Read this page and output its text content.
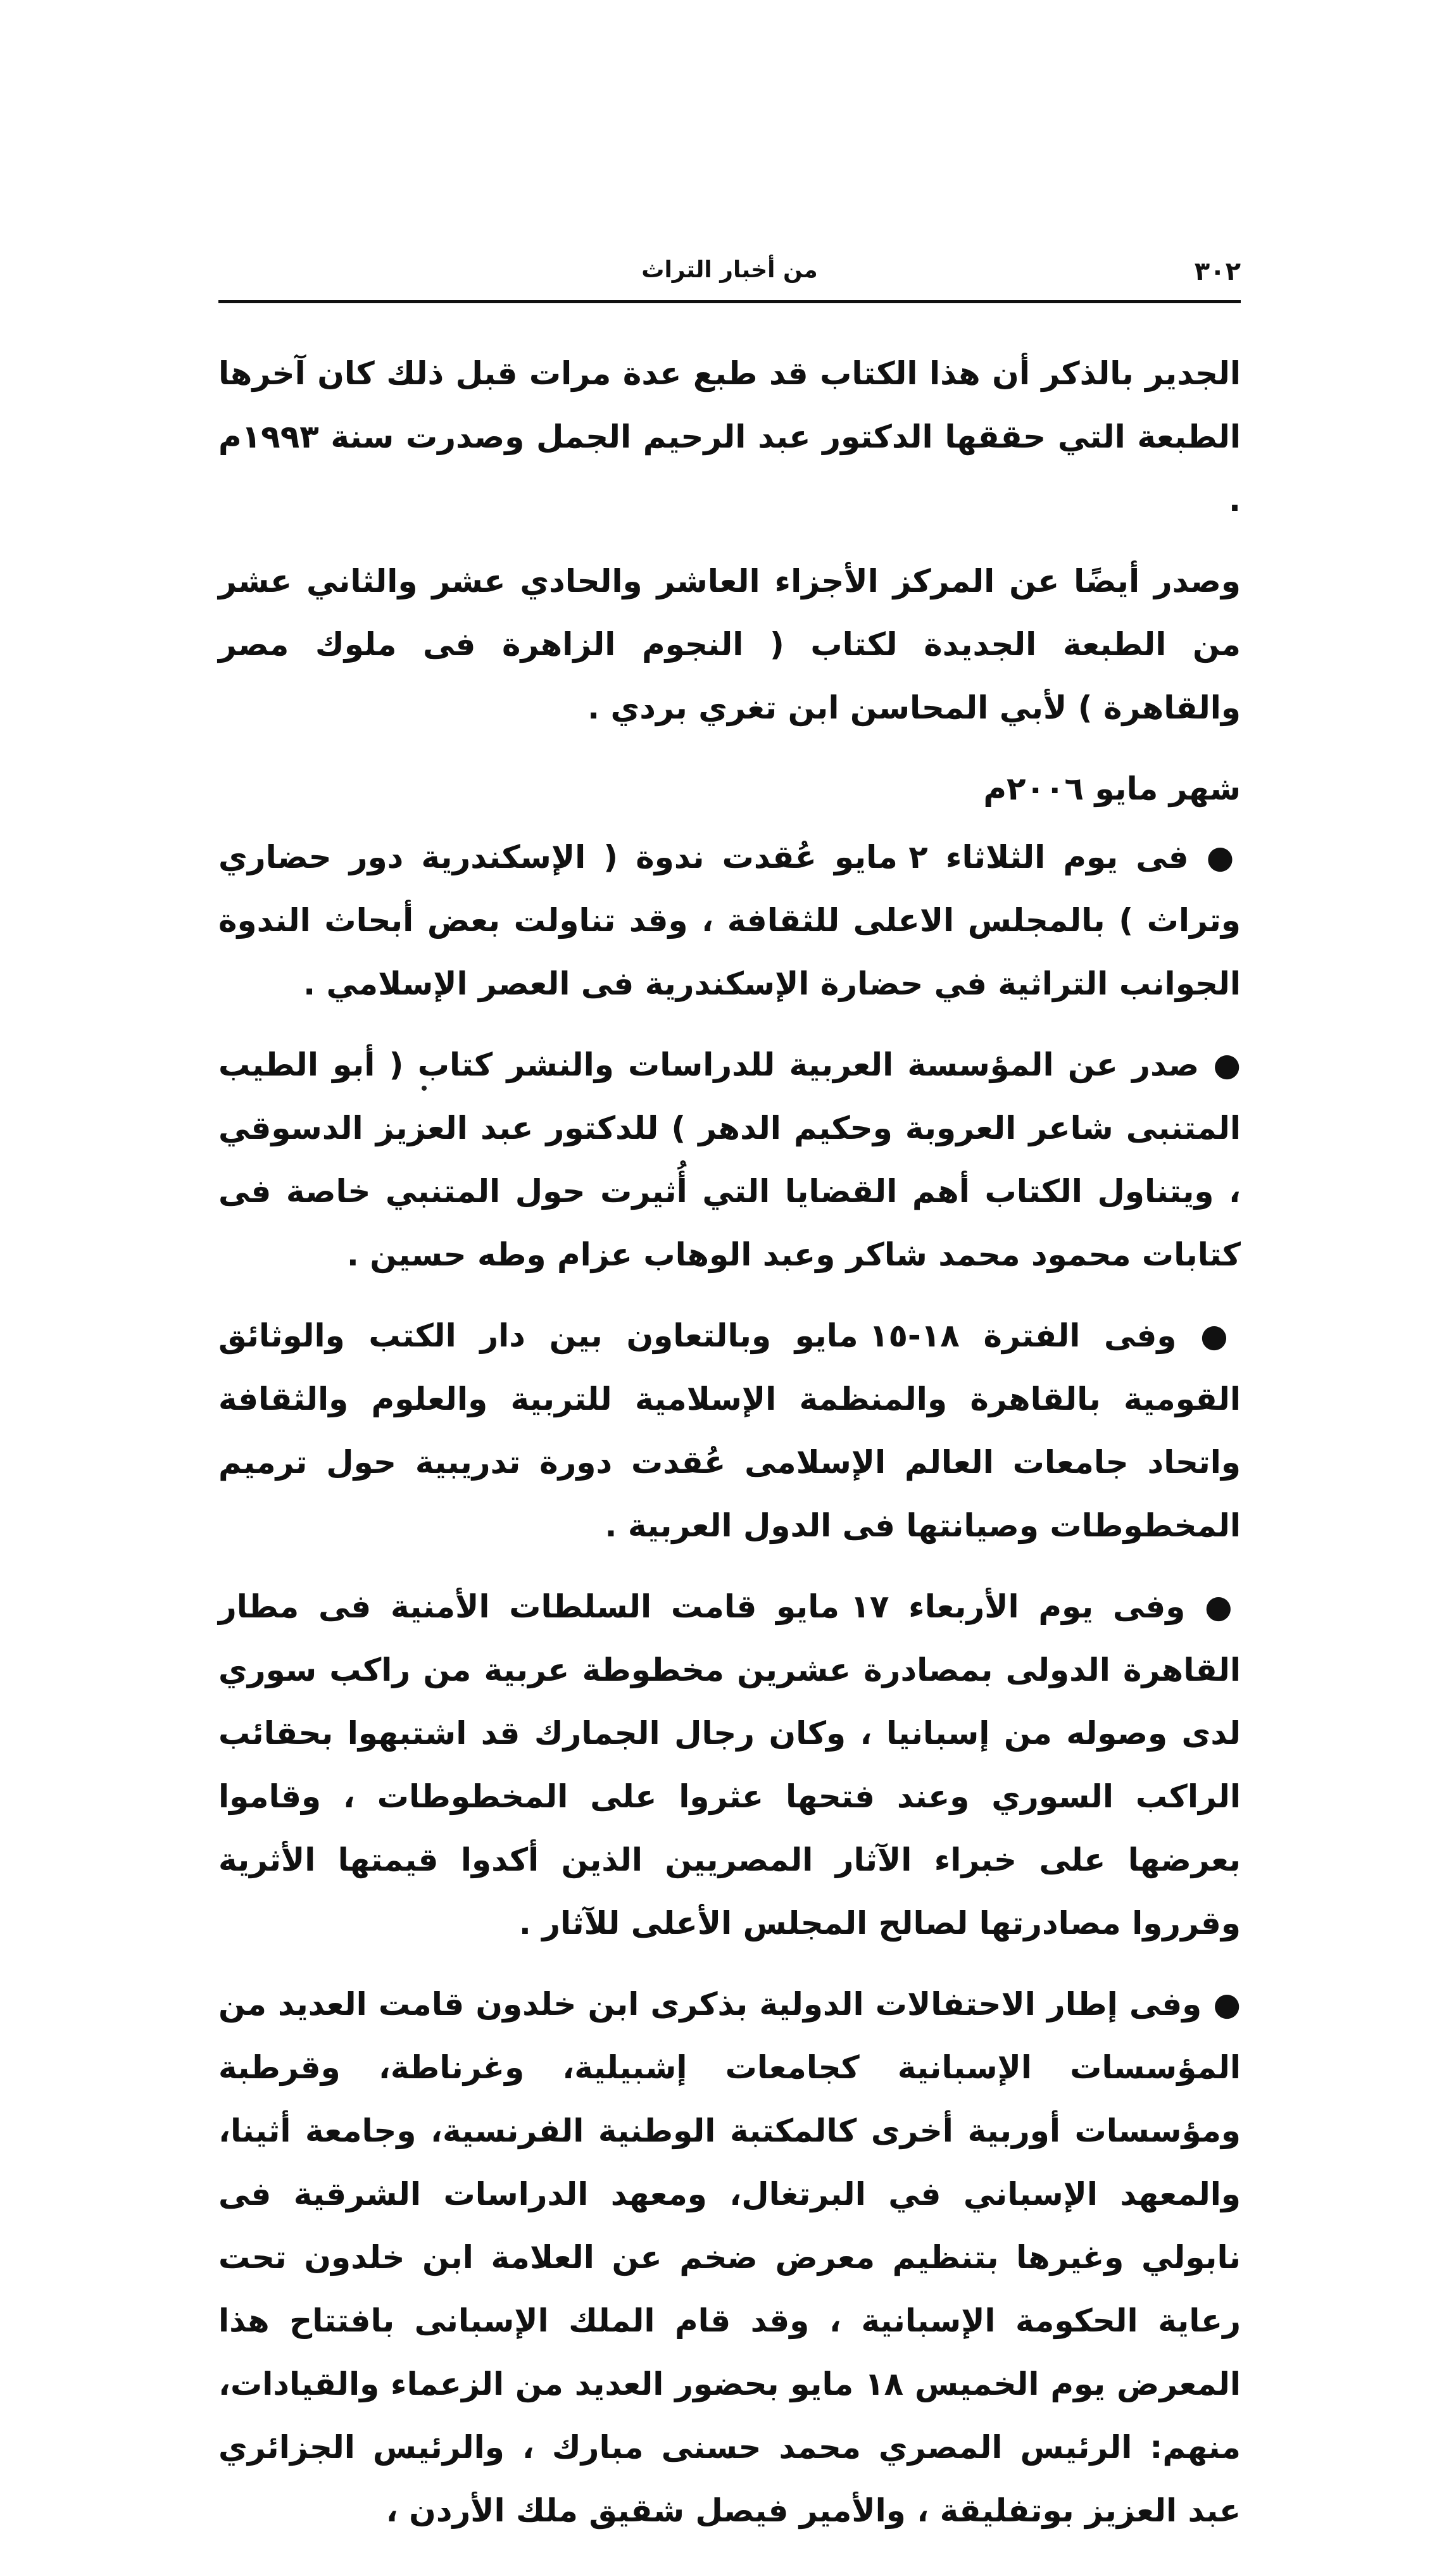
٣٠٢
من أخبار التراث

الجدير بالذكر أن هذا الكتاب قد طبع عدة مرات قبل ذلك كان آخرها الطبعة التي حققها الدكتور عبد الرحيم الجمل وصدرت سنة ١٩٩٣م .

وصدر أيضًا عن المركز الأجزاء العاشر والحادي عشر والثاني عشر من الطبعة الجديدة لكتاب ( النجوم الزاهرة فى ملوك مصر والقاهرة ) لأبي المحاسن ابن تغري بردي .

شهر مايو ٢٠٠٦م

● فى يوم الثلاثاء ٢ مايو عُقدت ندوة ( الإسكندرية دور حضاري وتراث ) بالمجلس الاعلى للثقافة ، وقد تناولت بعض أبحاث الندوة الجوانب التراثية في حضارة الإسكندرية فى العصر الإسلامي .

● صدر عن المؤسسة العربية للدراسات والنشر كتاب ( أبو الطيب المتنبى شاعر العروبة وحكيم الدهر ) للدكتور عبد العزيز الدسوقي ، ويتناول الكتاب أهم القضايا التي أُثيرت حول المتنبي خاصة فى كتابات محمود محمد شاكر وعبد الوهاب عزام وطه حسين .

● وفى الفترة ١٨-١٥ مايو وبالتعاون بين دار الكتب والوثائق القومية بالقاهرة والمنظمة الإسلامية للتربية والعلوم والثقافة واتحاد جامعات العالم الإسلامى عُقدت دورة تدريبية حول ترميم المخطوطات وصيانتها فى الدول العربية .

● وفى يوم الأربعاء ١٧ مايو قامت السلطات الأمنية فى مطار القاهرة الدولى بمصادرة عشرين مخطوطة عربية من راكب سوري لدى وصوله من إسبانيا ، وكان رجال الجمارك قد اشتبهوا بحقائب الراكب السوري وعند فتحها عثروا على المخطوطات ، وقاموا بعرضها على خبراء الآثار المصريين الذين أكدوا قيمتها الأثرية وقرروا مصادرتها لصالح المجلس الأعلى للآثار .

● وفى إطار الاحتفالات الدولية بذكرى ابن خلدون قامت العديد من المؤسسات الإسبانية كجامعات إشبيلية، وغرناطة، وقرطبة ومؤسسات أوربية أخرى كالمكتبة الوطنية الفرنسية، وجامعة أثينا، والمعهد الإسباني في البرتغال، ومعهد الدراسات الشرقية فى نابولي وغيرها بتنظيم معرض ضخم عن العلامة ابن خلدون تحت رعاية الحكومة الإسبانية ، وقد قام الملك الإسبانى بافتتاح هذا المعرض يوم الخميس ١٨ مايو بحضور العديد من الزعماء والقيادات، منهم: الرئيس المصري محمد حسنى مبارك ، والرئيس الجزائري عبد العزيز بوتفليقة ، والأمير فيصل شقيق ملك الأردن ،
